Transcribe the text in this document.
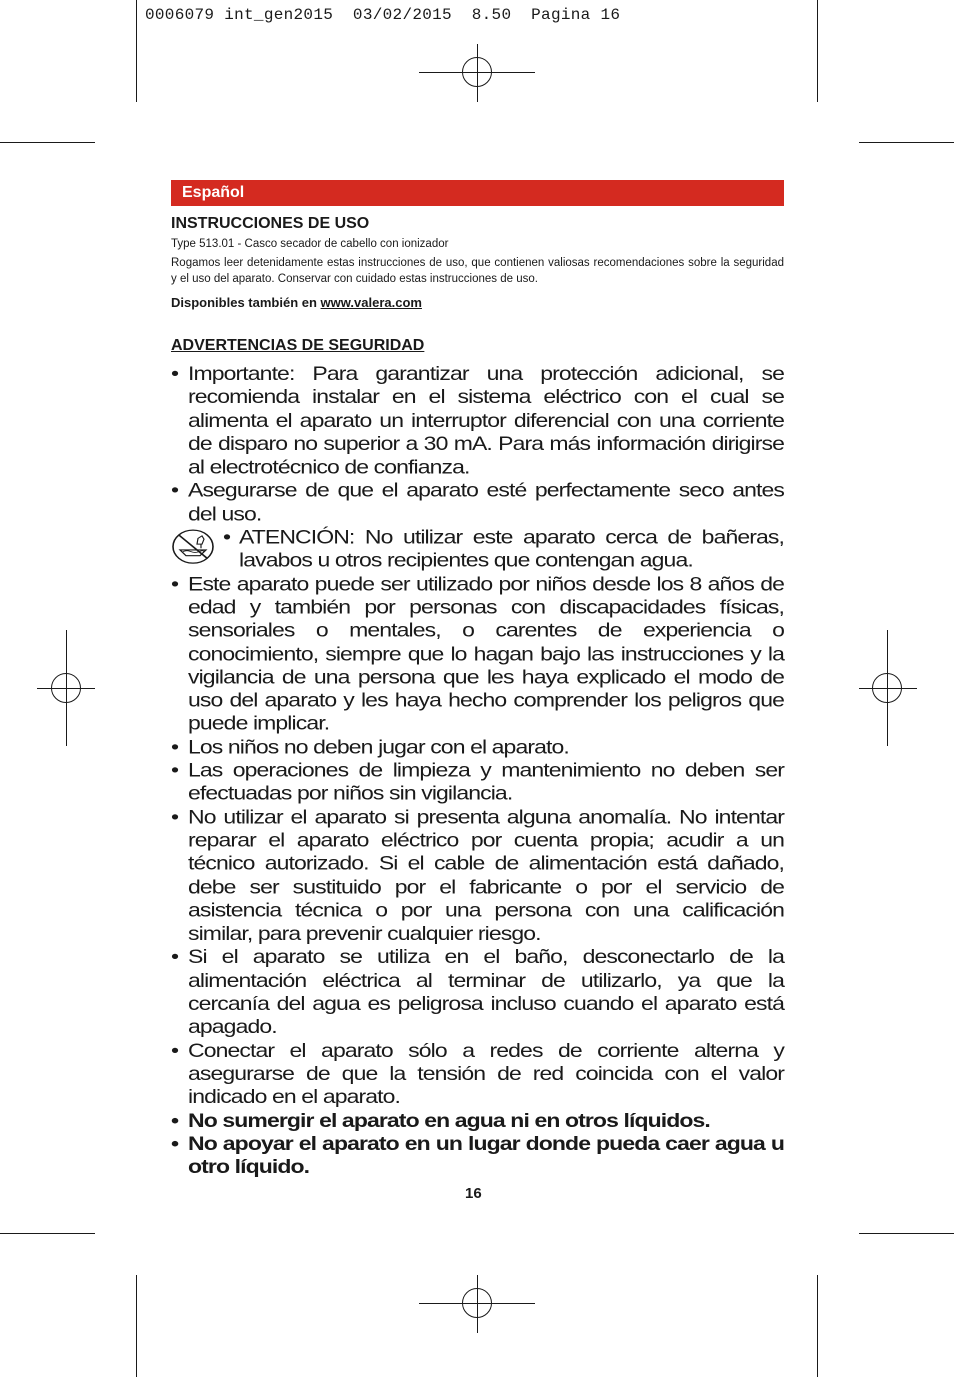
0006079 int_gen2015  03/02/2015  8.50  Pagina 16
Español
INSTRUCCIONES DE USO
Type 513.01 - Casco secador de cabello con ionizador
Rogamos leer detenidamente estas instrucciones de uso, que contienen valiosas recomendaciones sobre la seguridad y el uso del aparato. Conservar con cuidado estas instrucciones de uso.
Disponibles también en www.valera.com
ADVERTENCIAS DE SEGURIDAD
• Importante: Para garantizar una protección adicional, se recomienda instalar en el sistema eléctrico con el cual se alimenta el aparato un interruptor diferencial con una corriente de disparo no superior a 30 mA. Para más información dirigirse al electrotécnico de confianza.
• Asegurarse de que el aparato esté perfectamente seco antes del uso.
• ATENCIÓN: No utilizar este aparato cerca de bañeras, lavabos u otros recipientes que contengan agua.
• Este aparato puede ser utilizado por niños desde los 8 años de edad y también por personas con discapacidades físicas, sensoriales o mentales, o carentes de experiencia o conocimiento, siempre que lo hagan bajo las instrucciones y la vigilancia de una persona que les haya explicado el modo de uso del aparato y les haya hecho comprender los peligros que puede implicar.
• Los niños no deben jugar con el aparato.
• Las operaciones de limpieza y mantenimiento no deben ser efectuadas por niños sin vigilancia.
• No utilizar el aparato si presenta alguna anomalía. No intentar reparar el aparato eléctrico por cuenta propia; acudir a un técnico autorizado. Si el cable de alimentación está dañado, debe ser sustituido por el fabricante o por el servicio de asistencia técnica o por una persona con una calificación similar, para prevenir cualquier riesgo.
• Si el aparato se utiliza en el baño, desconectarlo de la alimentación eléctrica al terminar de utilizarlo, ya que la cercanía del agua es peligrosa incluso cuando el aparato está apagado.
• Conectar el aparato sólo a redes de corriente alterna y asegurarse de que la tensión de red coincida con el valor indicado en el aparato.
• No sumergir el aparato en agua ni en otros líquidos.
• No apoyar el aparato en un lugar donde pueda caer agua u otro líquido.
16
